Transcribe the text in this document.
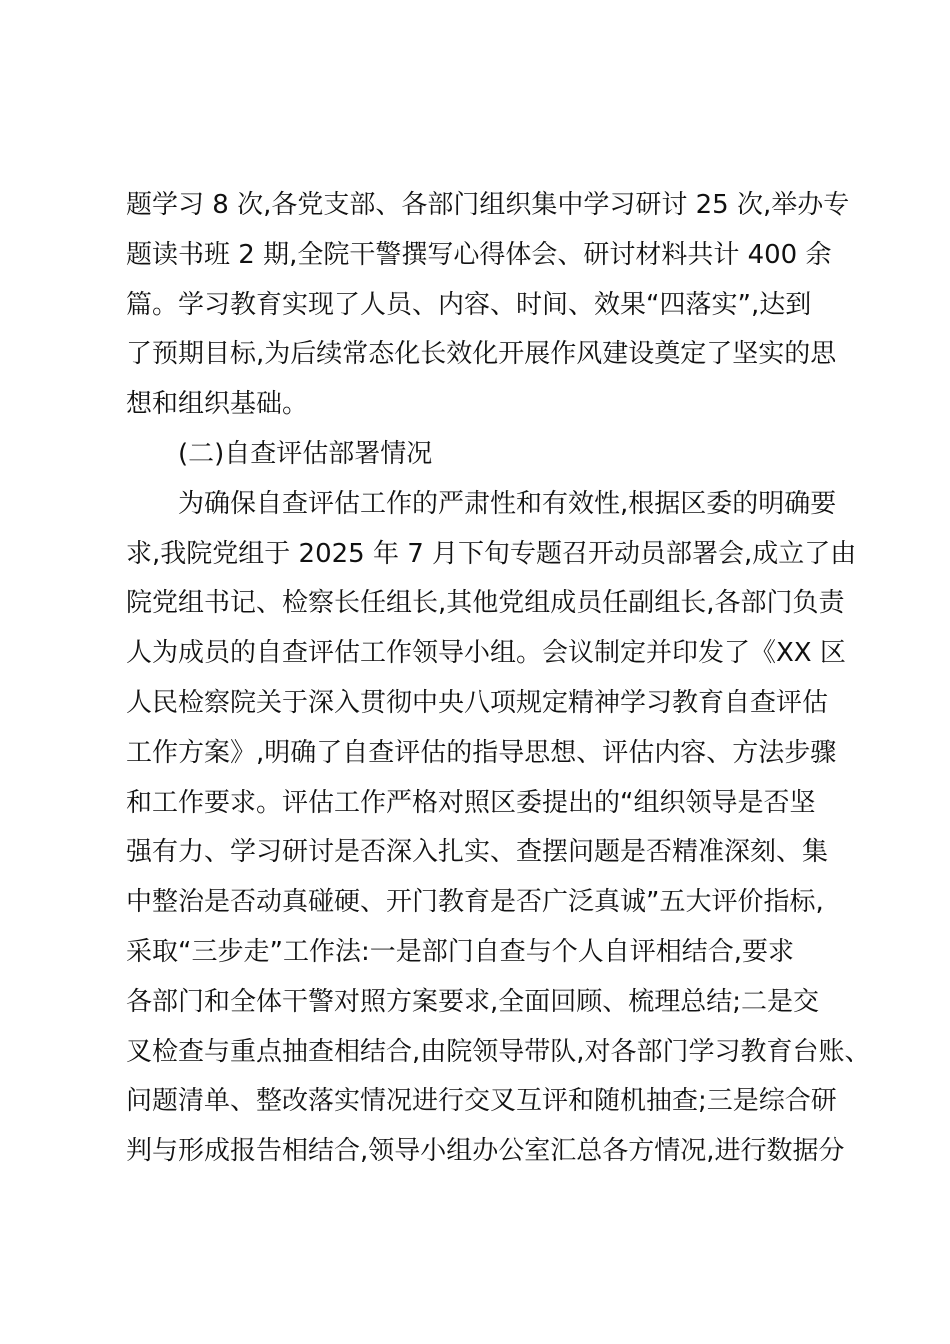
题学习 8 次,各党支部、各部门组织集中学习研讨 25 次,举办专
题读书班 2 期,全院干警撰写心得体会、研讨材料共计 400 余
篇。学习教育实现了人员、内容、时间、效果“四落实”,达到
了预期目标,为后续常态化长效化开展作风建设奠定了坚实的思
想和组织基础。
(二)自查评估部署情况
为确保自查评估工作的严肃性和有效性,根据区委的明确要
求,我院党组于 2025 年 7 月下旬专题召开动员部署会,成立了由
院党组书记、检察长任组长,其他党组成员任副组长,各部门负责
人为成员的自查评估工作领导小组。会议制定并印发了《XX 区
人民检察院关于深入贯彻中央八项规定精神学习教育自查评估
工作方案》,明确了自查评估的指导思想、评估内容、方法步骤
和工作要求。评估工作严格对照区委提出的“组织领导是否坚
强有力、学习研讨是否深入扎实、查摆问题是否精准深刻、集
中整治是否动真碰硬、开门教育是否广泛真诚”五大评价指标,
采取“三步走”工作法:一是部门自查与个人自评相结合,要求
各部门和全体干警对照方案要求,全面回顾、梳理总结;二是交
叉检查与重点抽查相结合,由院领导带队,对各部门学习教育台账、
问题清单、整改落实情况进行交叉互评和随机抽查;三是综合研
判与形成报告相结合,领导小组办公室汇总各方情况,进行数据分
